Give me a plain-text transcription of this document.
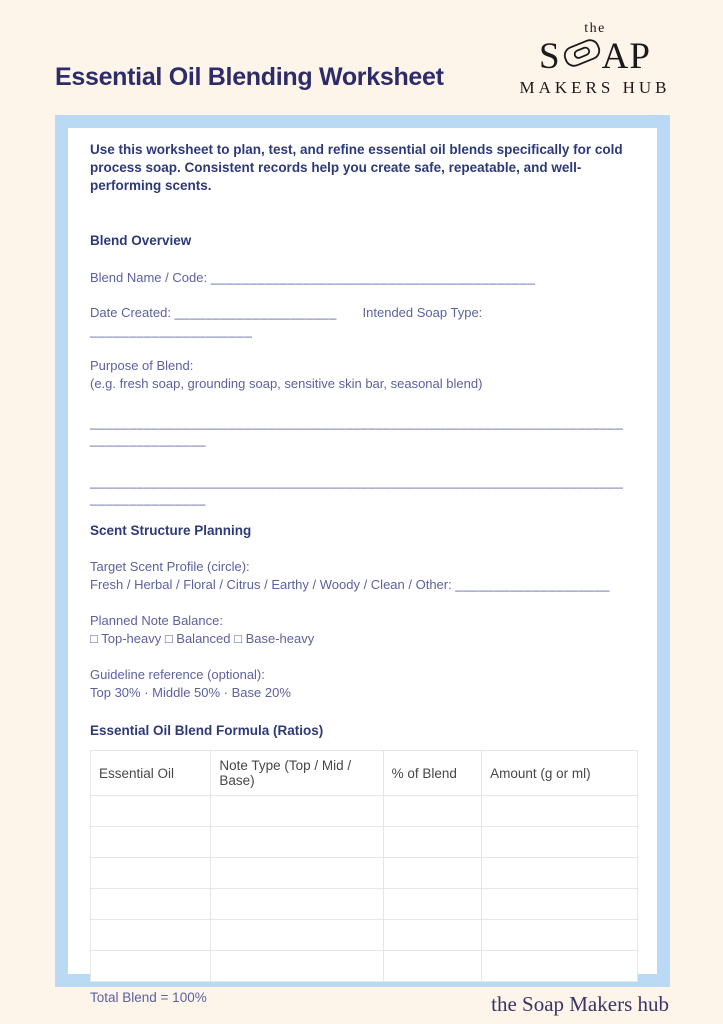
Essential Oil Blending Worksheet
the
S AP
MAKERS HUB

Use this worksheet to plan, test, and refine essential oil blends specifically for cold process soap. Consistent records help you create safe, repeatable, and well-performing scents.

Blend Overview

Blend Name / Code: __________________________________________

Date Created: _____________________ Intended Soap Type: _____________________

Purpose of Blend:

(e.g. fresh soap, grounding soap, sensitive skin bar, seasonal blend)

____________________________________________________________________________________

____________________________________________________________________________________

Scent Structure Planning

Target Scent Profile (circle):

Fresh / Herbal / Floral / Citrus / Earthy / Woody / Clean / Other: ____________________

Planned Note Balance:

□ Top-heavy □ Balanced □ Base-heavy

Guideline reference (optional):

Top 30% · Middle 50% · Base 20%

Essential Oil Blend Formula (Ratios)
Essential Oil	Note Type (Top / Mid / Base)	% of Blend	Amount (g or ml)

Total Blend = 100%	the Soap Makers hub
